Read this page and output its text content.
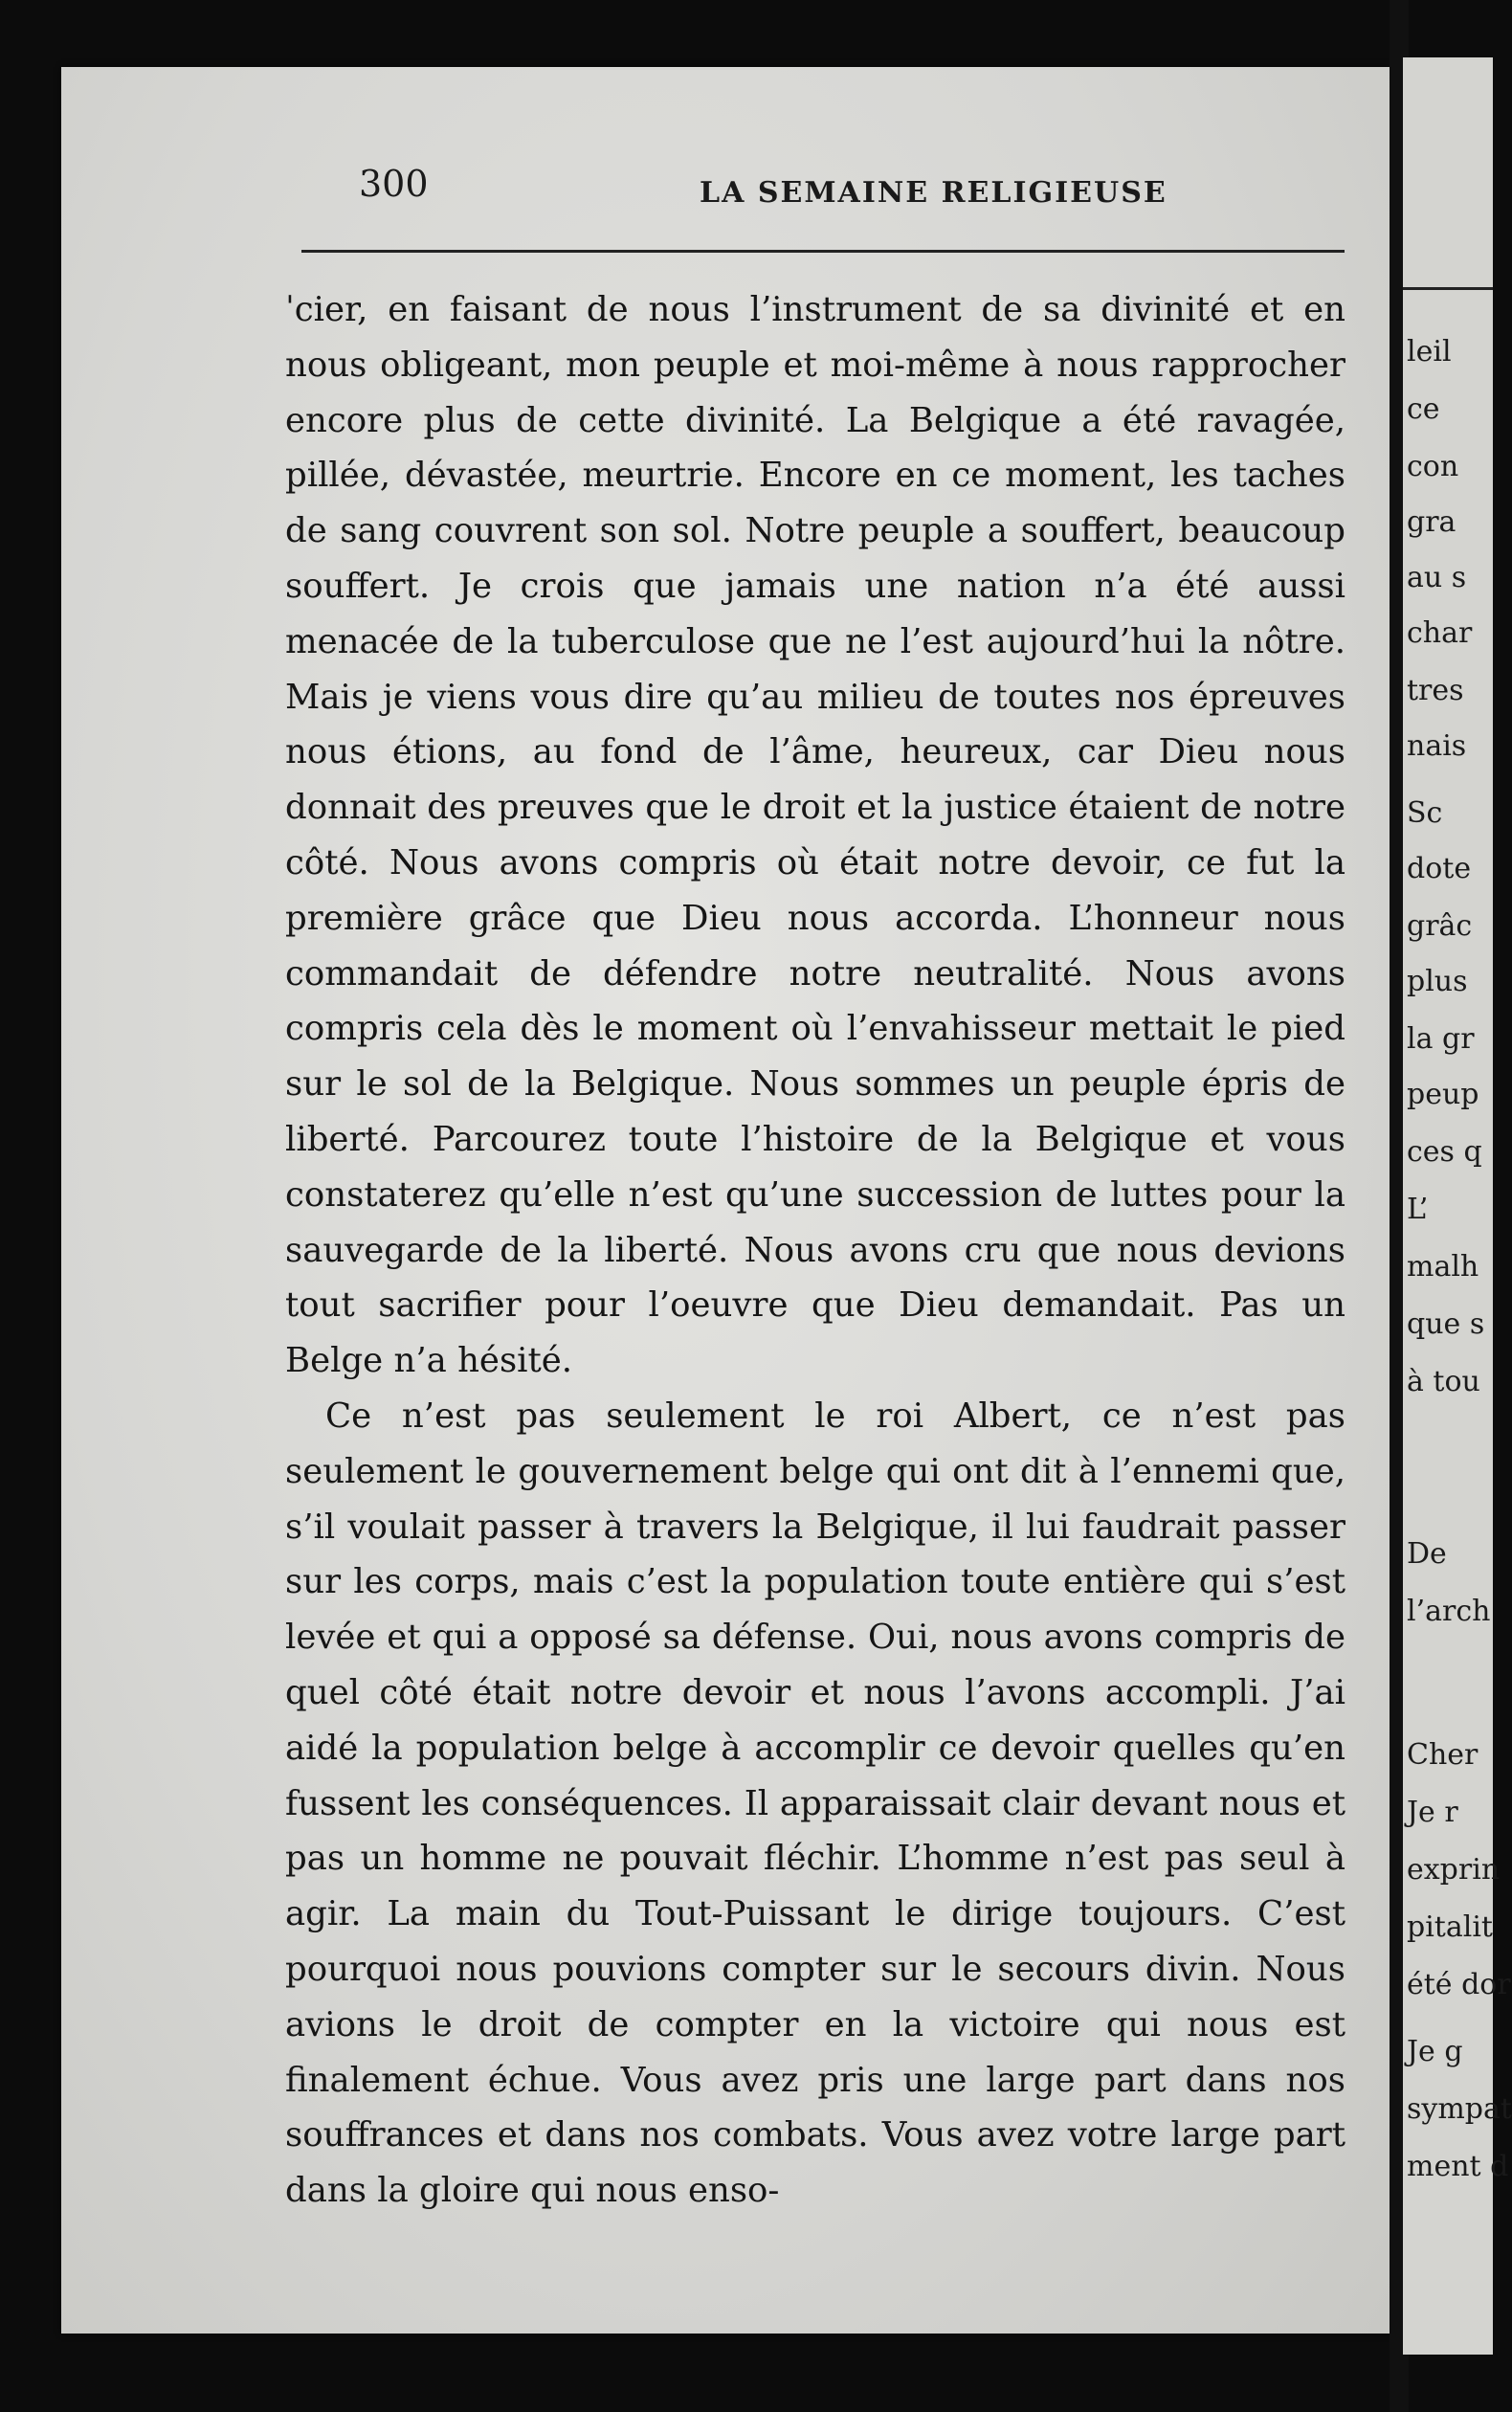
300	LA SEMAINE RELIGIEUSE

ˈcier, en faisant de nous l’instrument de sa divinité et en nous obligeant, mon peuple et moi-même à nous rapprocher encore plus de cette divinité. La Belgique a été ravagée, pillée, dévastée, meurtrie. Encore en ce moment, les taches de sang couvrent son sol. Notre peuple a souffert, beaucoup souffert. Je crois que jamais une nation n’a été aussi menacée de la tuberculose que ne l’est aujourd’hui la nôtre. Mais je viens vous dire qu’au milieu de toutes nos épreuves nous étions, au fond de l’âme, heureux, car Dieu nous donnait des preuves que le droit et la justice étaient de notre côté. Nous avons compris où était notre devoir, ce fut la première grâce que Dieu nous accorda. L’honneur nous commandait de défendre notre neutralité. Nous avons compris cela dès le moment où l’envahisseur mettait le pied sur le sol de la Belgique. Nous sommes un peuple épris de liberté. Parcourez toute l’histoire de la Belgique et vous constaterez qu’elle n’est qu’une succession de luttes pour la sauvegarde de la liberté. Nous avons cru que nous devions tout sacrifier pour l’oeuvre que Dieu demandait. Pas un Belge n’a hésité.

Ce n’est pas seulement le roi Albert, ce n’est pas seulement le gouvernement belge qui ont dit à l’ennemi que, s’il voulait passer à travers la Belgique, il lui faudrait passer sur les corps, mais c’est la population toute entière qui s’est levée et qui a opposé sa défense. Oui, nous avons compris de quel côté était notre devoir et nous l’avons accompli. J’ai aidé la population belge à accomplir ce devoir quelles qu’en fussent les conséquences. Il apparaissait clair devant nous et pas un homme ne pouvait fléchir. L’homme n’est pas seul à agir. La main du Tout-Puissant le dirige toujours. C’est pourquoi nous pouvions compter sur le secours divin. Nous avions le droit de compter en la victoire qui nous est finalement échue. Vous avez pris une large part dans nos souffrances et dans nos combats. Vous avez votre large part dans la gloire qui nous enso-

leil
ce
con
gra
au s
char
tres
nais
Sc
dote
grâc
plus
la gr
peup
ces q
L’
malh
que s
à tou
De
l’arch
Cher
Je r
exprin
pitalit
été dor
Je g
sympat
ment d
